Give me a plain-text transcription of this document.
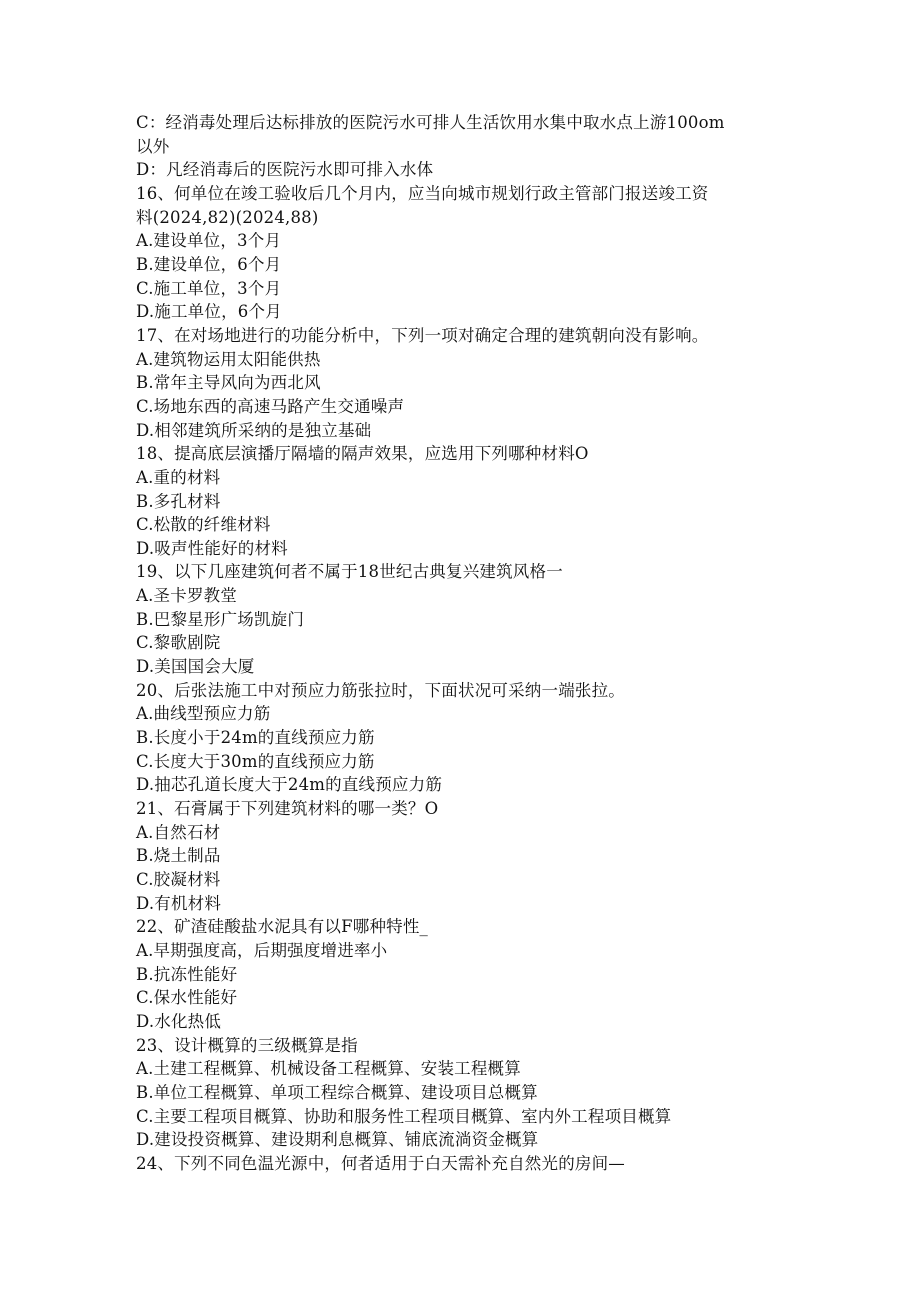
C：经消毒处理后达标排放的医院污水可排人生活饮用水集中取水点上游100om
以外
D：凡经消毒后的医院污水即可排入水体
16、何单位在竣工验收后几个月内，应当向城市规划行政主管部门报送竣工资
料(2024,82)(2024,88)
A.建设单位，3个月
B.建设单位，6个月
C.施工单位，3个月
D.施工单位，6个月
17、在对场地进行的功能分析中，下列一项对确定合理的建筑朝向没有影响。
A.建筑物运用太阳能供热
B.常年主导风向为西北风
C.场地东西的高速马路产生交通噪声
D.相邻建筑所采纳的是独立基础
18、提高底层演播厅隔墙的隔声效果，应选用下列哪种材料O
A.重的材料
B.多孔材料
C.松散的纤维材料
D.吸声性能好的材料
19、以下几座建筑何者不属于18世纪古典复兴建筑风格一
A.圣卡罗教堂
B.巴黎星形广场凯旋门
C.黎歌剧院
D.美国国会大厦
20、后张法施工中对预应力筋张拉时，下面状况可采纳一端张拉。
A.曲线型预应力筋
B.长度小于24m的直线预应力筋
C.长度大于30m的直线预应力筋
D.抽芯孔道长度大于24m的直线预应力筋
21、石膏属于下列建筑材料的哪一类？O
A.自然石材
B.烧土制品
C.胶凝材料
D.有机材料
22、矿渣硅酸盐水泥具有以F哪种特性_
A.早期强度高，后期强度增进率小
B.抗冻性能好
C.保水性能好
D.水化热低
23、设计概算的三级概算是指
A.土建工程概算、机械设备工程概算、安装工程概算
B.单位工程概算、单项工程综合概算、建设项目总概算
C.主要工程项目概算、协助和服务性工程项目概算、室内外工程项目概算
D.建设投资概算、建设期利息概算、铺底流淌资金概算
24、下列不同色温光源中，何者适用于白天需补充自然光的房间—
